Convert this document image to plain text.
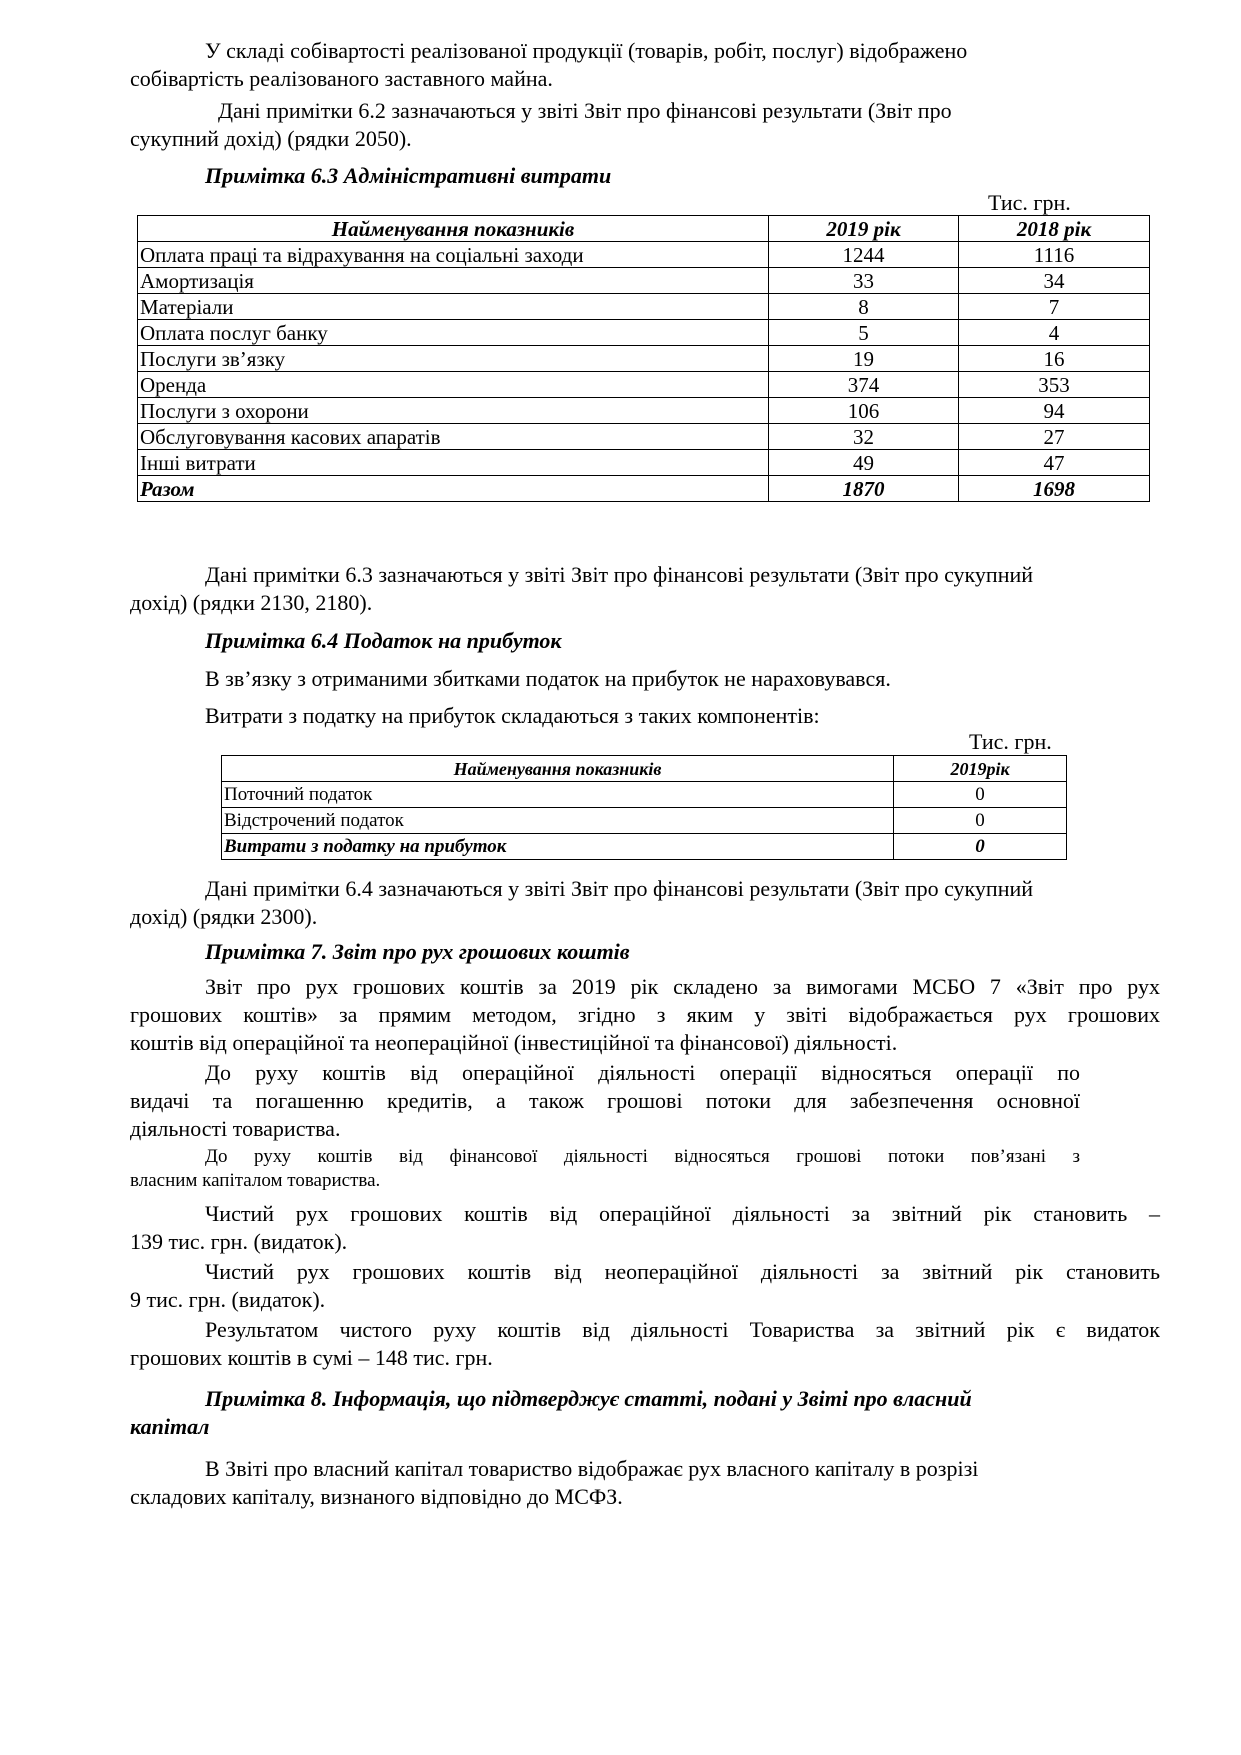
У складі собівартості реалізованої продукції (товарів, робіт, послуг) відображено
собівартість реалізованого заставного майна.

Дані примітки 6.2 зазначаються у звіті Звіт про фінансові результати (Звіт про
сукупний дохід) (рядки 2050).

Примітка 6.3 Адміністративні витрати

Тис. грн.

Найменування показників	2019 рік	2018 рік
Оплата праці та відрахування на соціальні заходи	1244	1116
Амортизація	33	34
Матеріали	8	7
Оплата послуг банку	5	4
Послуги зв’язку	19	16
Оренда	374	353
Послуги з охорони	106	94
Обслуговування касових апаратів	32	27
Інші витрати	49	47
Разом	1870	1698

Дані примітки 6.3 зазначаються у звіті Звіт про фінансові результати (Звіт про сукупний
дохід) (рядки 2130, 2180).

Примітка 6.4 Податок на прибуток

В зв’язку з отриманими збитками податок на прибуток не нараховувався.

Витрати з податку на прибуток складаються з таких компонентів:

Тис. грн.

Найменування показників	2019рік
Поточний податок	0
Відстрочений податок	0
Витрати з податку на прибуток	0

Дані примітки 6.4 зазначаються у звіті Звіт про фінансові результати (Звіт про сукупний
дохід) (рядки 2300).

Примітка 7. Звіт про рух грошових коштів

Звіт про рух грошових коштів за 2019 рік складено за вимогами МСБО 7 «Звіт про рух
грошових коштів» за прямим методом, згідно з яким у звіті відображається рух грошових
коштів від операційної та неопераційної (інвестиційної та фінансової) діяльності.

До руху коштів від операційної діяльності операції відносяться операції по
видачі та погашенню кредитів, а також грошові потоки для забезпечення основної
діяльності товариства.

До руху коштів від фінансової діяльності відносяться грошові потоки пов’язані з
власним капіталом товариства.

Чистий рух грошових коштів від операційної діяльності за звітний рік становить –
139 тис. грн. (видаток).

Чистий рух грошових коштів від неопераційної діяльності за звітний рік становить
9 тис. грн. (видаток).

Результатом чистого руху коштів від діяльності Товариства за звітний рік є видаток
грошових коштів в сумі – 148 тис. грн.

Примітка 8. Інформація, що підтверджує статті, подані у Звіті про власний
капітал

В Звіті про власний капітал товариство відображає рух власного капіталу в розрізі
складових капіталу, визнаного відповідно до МСФЗ.
